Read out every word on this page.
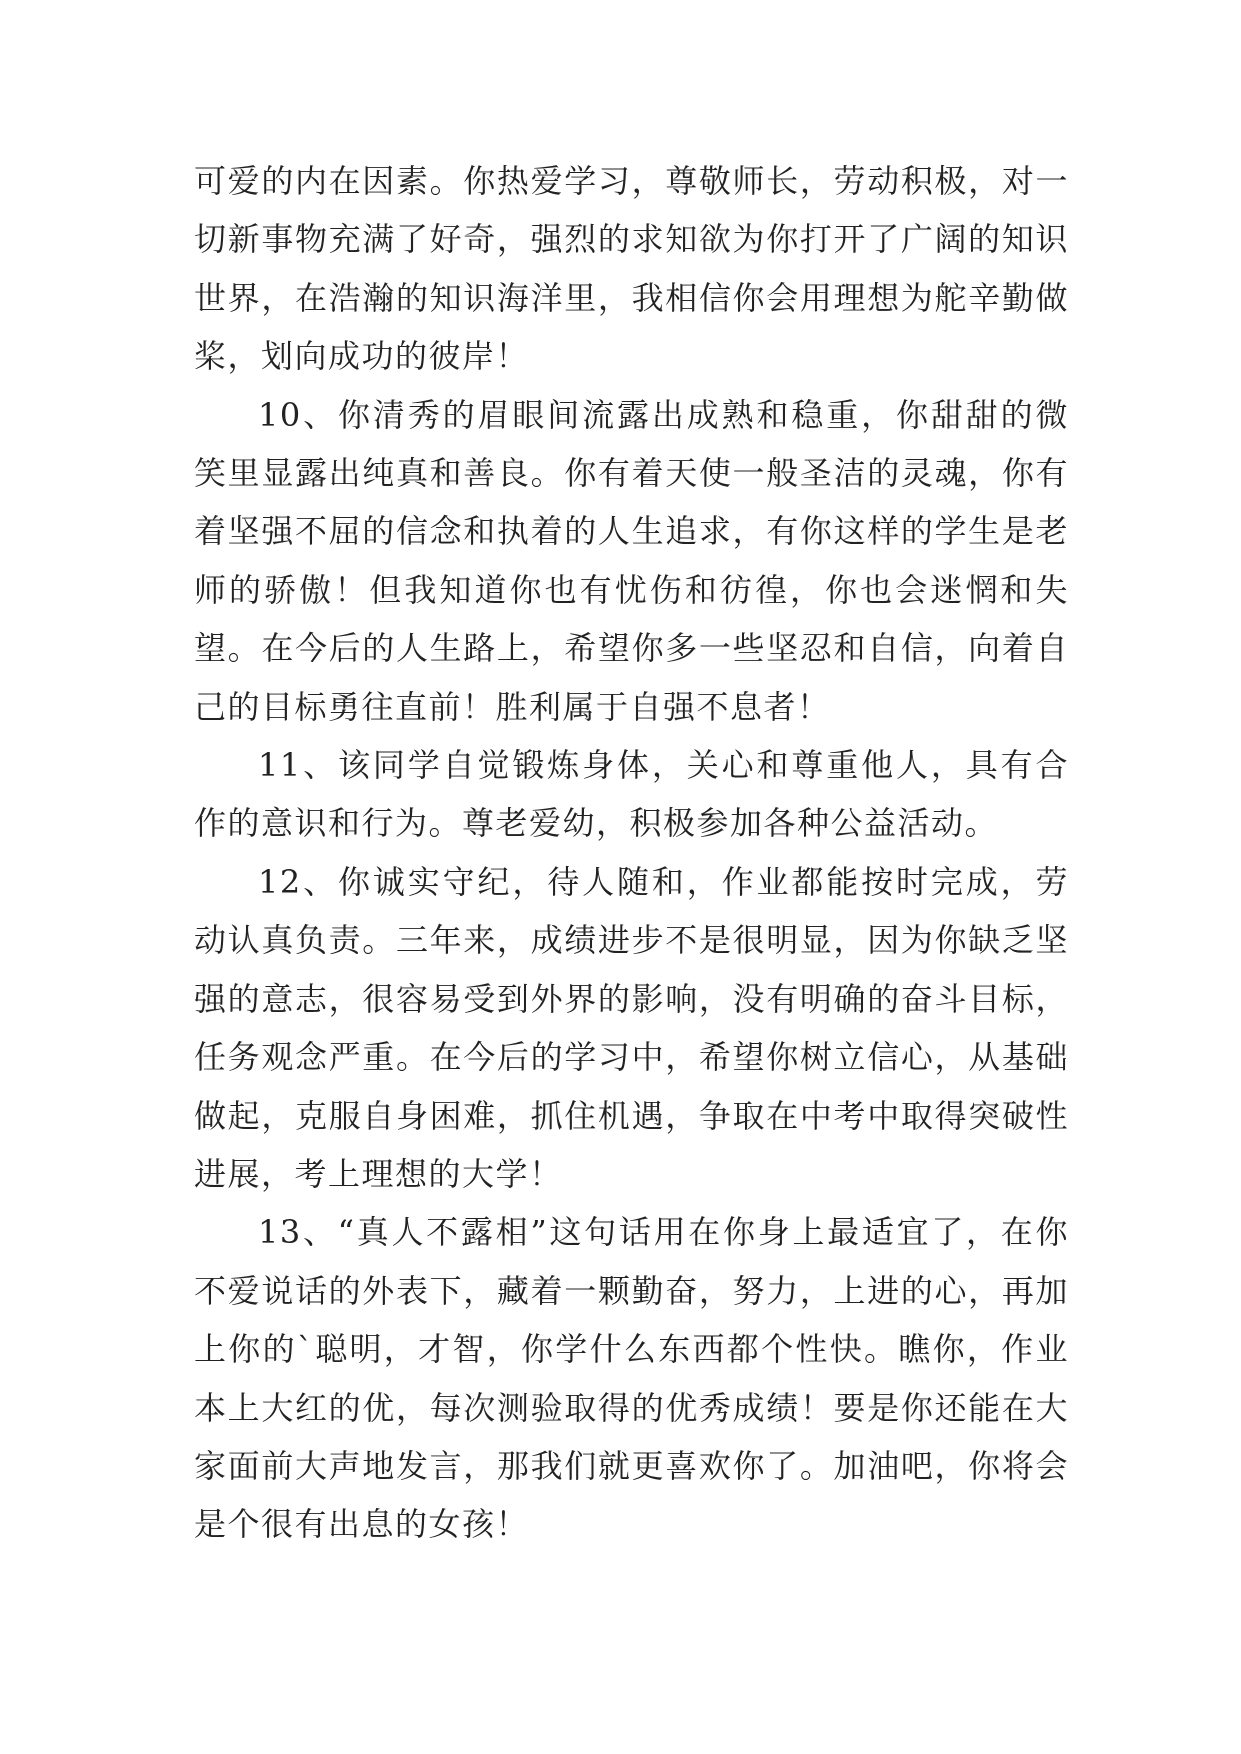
可爱的内在因素。你热爱学习，尊敬师长，劳动积极，对一切新事物充满了好奇，强烈的求知欲为你打开了广阔的知识世界，在浩瀚的知识海洋里，我相信你会用理想为舵辛勤做桨，划向成功的彼岸！

10、你清秀的眉眼间流露出成熟和稳重，你甜甜的微笑里显露出纯真和善良。你有着天使一般圣洁的灵魂，你有着坚强不屈的信念和执着的人生追求，有你这样的学生是老师的骄傲！但我知道你也有忧伤和彷徨，你也会迷惘和失望。在今后的人生路上，希望你多一些坚忍和自信，向着自己的目标勇往直前！胜利属于自强不息者！

11、该同学自觉锻炼身体，关心和尊重他人，具有合作的意识和行为。尊老爱幼，积极参加各种公益活动。

12、你诚实守纪，待人随和，作业都能按时完成，劳动认真负责。三年来，成绩进步不是很明显，因为你缺乏坚强的意志，很容易受到外界的影响，没有明确的奋斗目标，任务观念严重。在今后的学习中，希望你树立信心，从基础做起，克服自身困难，抓住机遇，争取在中考中取得突破性进展，考上理想的大学！

13、“真人不露相”这句话用在你身上最适宜了，在你不爱说话的外表下，藏着一颗勤奋，努力，上进的心，再加上你的`聪明，才智，你学什么东西都个性快。瞧你，作业本上大红的优，每次测验取得的优秀成绩！要是你还能在大家面前大声地发言，那我们就更喜欢你了。加油吧，你将会是个很有出息的女孩！
